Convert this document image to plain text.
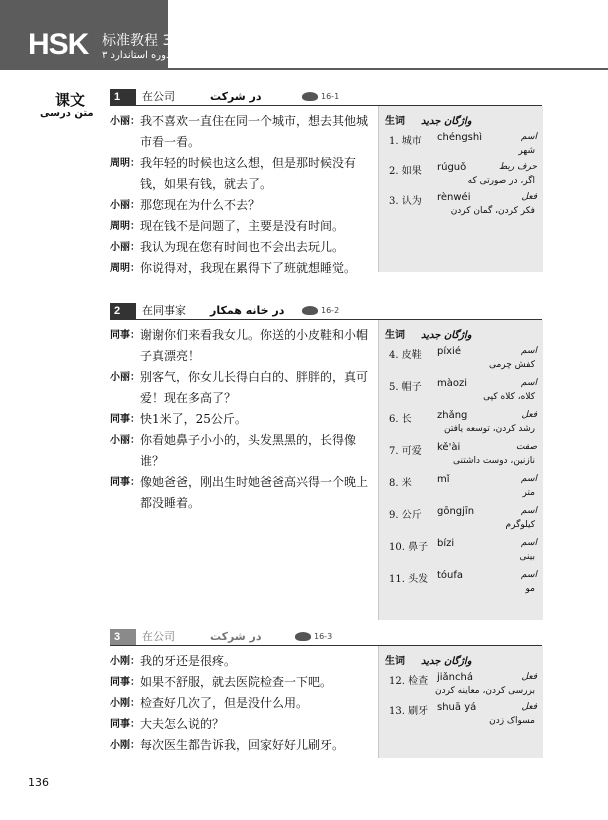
HSK 标准教程 3
دوره استاندارد ۳
课文
متن درسی
1	在公司	در شرکت	16-1
小丽： 我不喜欢一直住在同一个城市，想去其他城市看一看。
周明： 我年轻的时候也这么想，但是那时候没有钱，如果有钱，就去了。
小丽： 那您现在为什么不去？
周明： 现在钱不是问题了，主要是没有时间。
小丽： 我认为现在您有时间也不会出去玩儿。
周明： 你说得对，我现在累得下了班就想睡觉。
生词 واژگان جدید
1. 城市 chéngshì	اسم
شهر
2. 如果 rúguǒ	حرف ربط
اگر، در صورتی که
3. 认为 rènwéi	فعل
فکر کردن، گمان کردن
2	在同事家 در خانه همکار	16-2
同事： 谢谢你们来看我女儿。你送的小皮鞋和小帽子真漂亮！
小丽： 别客气，你女儿长得白白的、胖胖的，真可爱！现在多高了？
同事： 快1米了，25公斤。
小丽： 你看她鼻子小小的，头发黑黑的，长得像谁？
同事： 像她爸爸，刚出生时她爸爸高兴得一个晚上都没睡着。
生词 واژگان جدید
4. 皮鞋 píxié	اسم
کفش چرمی
5. 帽子 màozi	اسم
کلاه، کلاه کپی
6. 长	zhǎng	فعل
رشد کردن، توسعه یافتن
7. 可爱 kě'ài	صفت
نازنین، دوست داشتنی
8. 米	mǐ	اسم
متر
9. 公斤 gōngjīn	اسم
کیلوگرم
10. 鼻子 bízi	اسم
بینی
11. 头发 tóufa	اسم
مو
3	在公司	در شرکت	16-3
小刚： 我的牙还是很疼。
同事： 如果不舒服，就去医院检查一下吧。
小刚： 检查好几次了，但是没什么用。
同事： 大夫怎么说的？
小刚： 每次医生都告诉我，回家好好儿刷牙。
生词 واژگان جدید
12. 检查 jiǎnchá	فعل
بررسی کردن، معاینه کردن
13. 刷牙 shuā yá	فعل
مسواک زدن
136
